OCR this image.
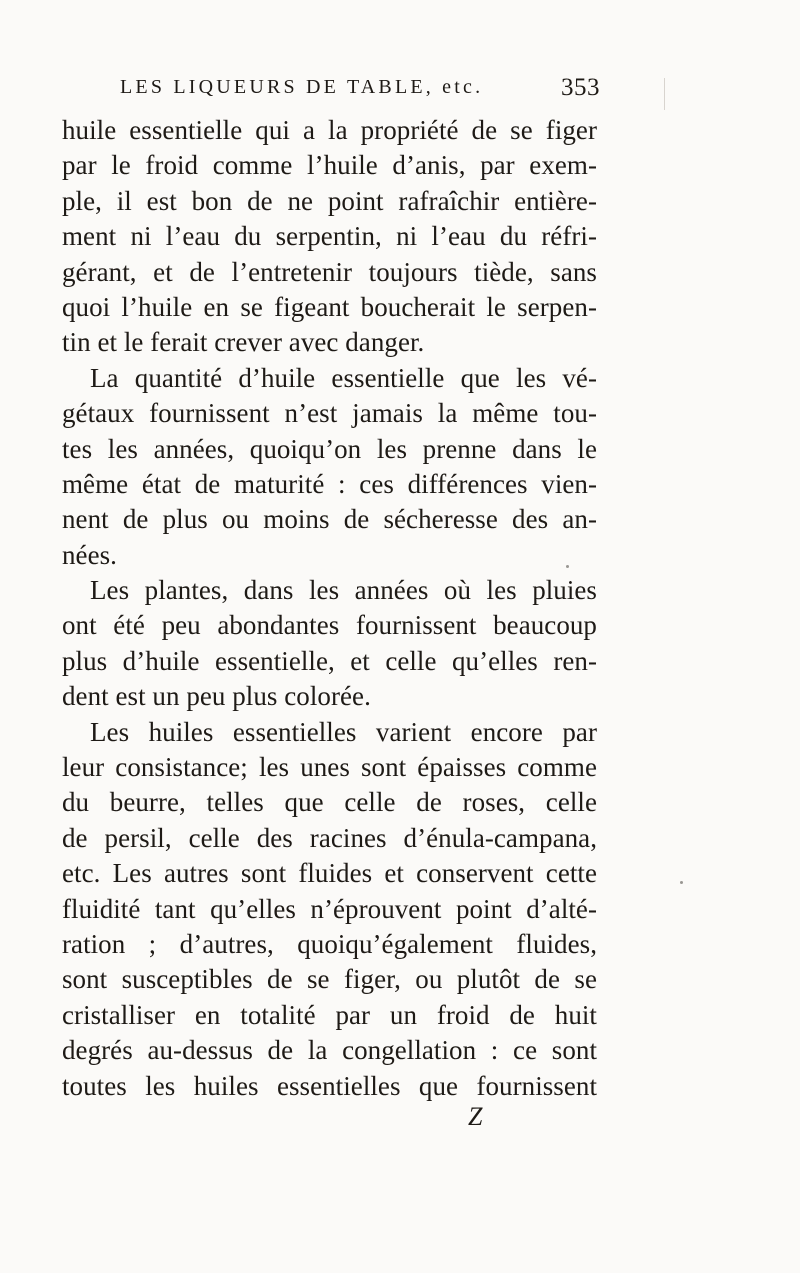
LES LIQUEURS DE TABLE, etc.	353
huile essentielle qui a la propriété de se figer
par le froid comme l’huile d’anis, par exem-
ple, il est bon de ne point rafraîchir entière-
ment ni l’eau du serpentin, ni l’eau du réfri-
gérant, et de l’entretenir toujours tiède, sans
quoi l’huile en se figeant boucherait le serpen-
tin et le ferait crever avec danger.
La quantité d’huile essentielle que les vé-
gétaux fournissent n’est jamais la même tou-
tes les années, quoiqu’on les prenne dans le
même état de maturité : ces différences vien-
nent de plus ou moins de sécheresse des an-
nées.
Les plantes, dans les années où les pluies
ont été peu abondantes fournissent beaucoup
plus d’huile essentielle, et celle qu’elles ren-
dent est un peu plus colorée.
Les huiles essentielles varient encore par
leur consistance; les unes sont épaisses comme
du beurre, telles que celle de roses, celle
de persil, celle des racines d’énula-campana,
etc. Les autres sont fluides et conservent cette
fluidité tant qu’elles n’éprouvent point d’alté-
ration ; d’autres, quoiqu’également fluides,
sont susceptibles de se figer, ou plutôt de se
cristalliser en totalité par un froid de huit
degrés au-dessus de la congellation : ce sont
toutes les huiles essentielles que fournissent
Z
